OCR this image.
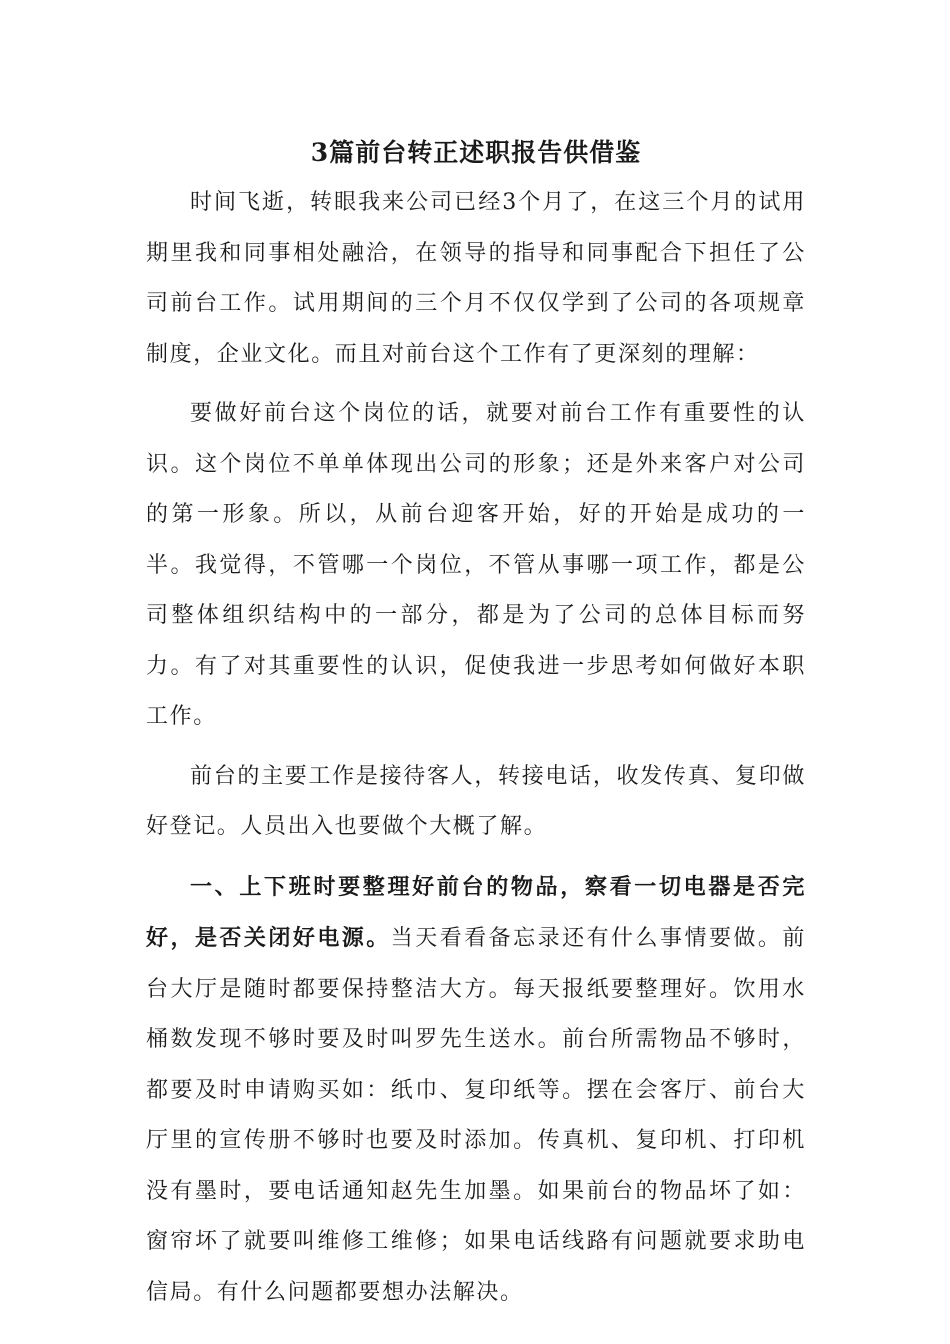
3篇前台转正述职报告供借鉴

时间飞逝，转眼我来公司已经3个月了，在这三个月的试用期里我和同事相处融洽，在领导的指导和同事配合下担任了公司前台工作。试用期间的三个月不仅仅学到了公司的各项规章制度，企业文化。而且对前台这个工作有了更深刻的理解：

要做好前台这个岗位的话，就要对前台工作有重要性的认识。这个岗位不单单体现出公司的形象；还是外来客户对公司的第一形象。所以，从前台迎客开始，好的开始是成功的一半。我觉得，不管哪一个岗位，不管从事哪一项工作，都是公司整体组织结构中的一部分，都是为了公司的总体目标而努力。有了对其重要性的认识，促使我进一步思考如何做好本职工作。

前台的主要工作是接待客人，转接电话，收发传真、复印做好登记。人员出入也要做个大概了解。

一、上下班时要整理好前台的物品，察看一切电器是否完好，是否关闭好电源。当天看看备忘录还有什么事情要做。前台大厅是随时都要保持整洁大方。每天报纸要整理好。饮用水桶数发现不够时要及时叫罗先生送水。前台所需物品不够时，都要及时申请购买如：纸巾、复印纸等。摆在会客厅、前台大厅里的宣传册不够时也要及时添加。传真机、复印机、打印机没有墨时，要电话通知赵先生加墨。如果前台的物品坏了如：窗帘坏了就要叫维修工维修；如果电话线路有问题就要求助电信局。有什么问题都要想办法解决。
